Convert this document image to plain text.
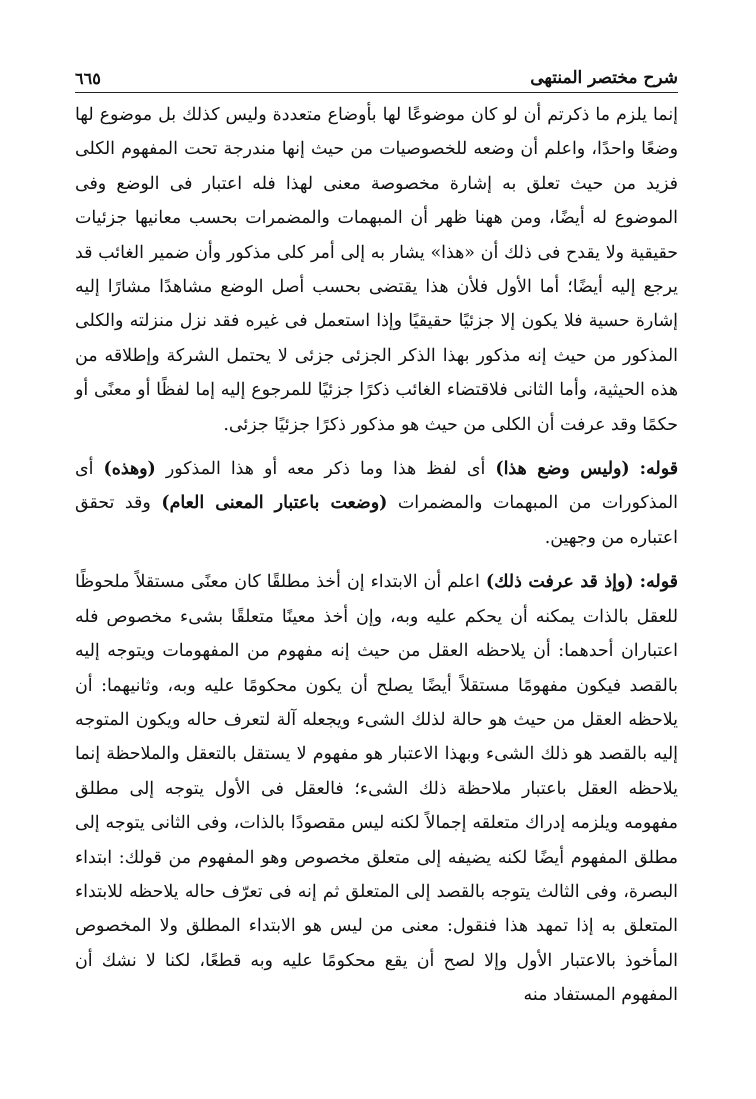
شرح مختصر المنتهى
٦٦٥

إنما يلزم ما ذكرتم أن لو كان موضوعًا لها بأوضاع متعددة وليس كذلك بل موضوع لها وضعًا واحدًا، واعلم أن وضعه للخصوصيات من حيث إنها مندرجة تحت المفهوم الكلى فزيد من حيث تعلق به إشارة مخصوصة معنى لهذا فله اعتبار فى الوضع وفى الموضوع له أيضًا، ومن ههنا ظهر أن المبهمات والمضمرات بحسب معانيها جزئيات حقيقية ولا يقدح فى ذلك أن «هذا» يشار به إلى أمر كلى مذكور وأن ضمير الغائب قد يرجع إليه أيضًا؛ أما الأول فلأن هذا يقتضى بحسب أصل الوضع مشاهدًا مشارًا إليه إشارة حسية فلا يكون إلا جزئيًا حقيقيًا وإذا استعمل فى غيره فقد نزل منزلته والكلى المذكور من حيث إنه مذكور بهذا الذكر الجزئى جزئى لا يحتمل الشركة وإطلاقه من هذه الحيثية، وأما الثانى فلاقتضاء الغائب ذكرًا جزئيًا للمرجوع إليه إما لفظًا أو معنًى أو حكمًا وقد عرفت أن الكلى من حيث هو مذكور ذكرًا جزئيًا جزئى.

قوله: (وليس وضع هذا) أى لفظ هذا وما ذكر معه أو هذا المذكور (وهذه) أى المذكورات من المبهمات والمضمرات (وضعت باعتبار المعنى العام) وقد تحقق اعتباره من وجهين.

قوله: (وإذ قد عرفت ذلك) اعلم أن الابتداء إن أخذ مطلقًا كان معنًى مستقلاً ملحوظًا للعقل بالذات يمكنه أن يحكم عليه وبه، وإن أخذ معينًا متعلقًا بشىء مخصوص فله اعتباران أحدهما: أن يلاحظه العقل من حيث إنه مفهوم من المفهومات ويتوجه إليه بالقصد فيكون مفهومًا مستقلاً أيضًا يصلح أن يكون محكومًا عليه وبه، وثانيهما: أن يلاحظه العقل من حيث هو حالة لذلك الشىء ويجعله آلة لتعرف حاله ويكون المتوجه إليه بالقصد هو ذلك الشىء وبهذا الاعتبار هو مفهوم لا يستقل بالتعقل والملاحظة إنما يلاحظه العقل باعتبار ملاحظة ذلك الشىء؛ فالعقل فى الأول يتوجه إلى مطلق مفهومه ويلزمه إدراك متعلقه إجمالاً لكنه ليس مقصودًا بالذات، وفى الثانى يتوجه إلى مطلق المفهوم أيضًا لكنه يضيفه إلى متعلق مخصوص وهو المفهوم من قولك: ابتداء البصرة، وفى الثالث يتوجه بالقصد إلى المتعلق ثم إنه فى تعرّف حاله يلاحظه للابتداء المتعلق به إذا تمهد هذا فنقول: معنى من ليس هو الابتداء المطلق ولا المخصوص المأخوذ بالاعتبار الأول وإلا لصح أن يقع محكومًا عليه وبه قطعًا، لكنا لا نشك أن المفهوم المستفاد منه
